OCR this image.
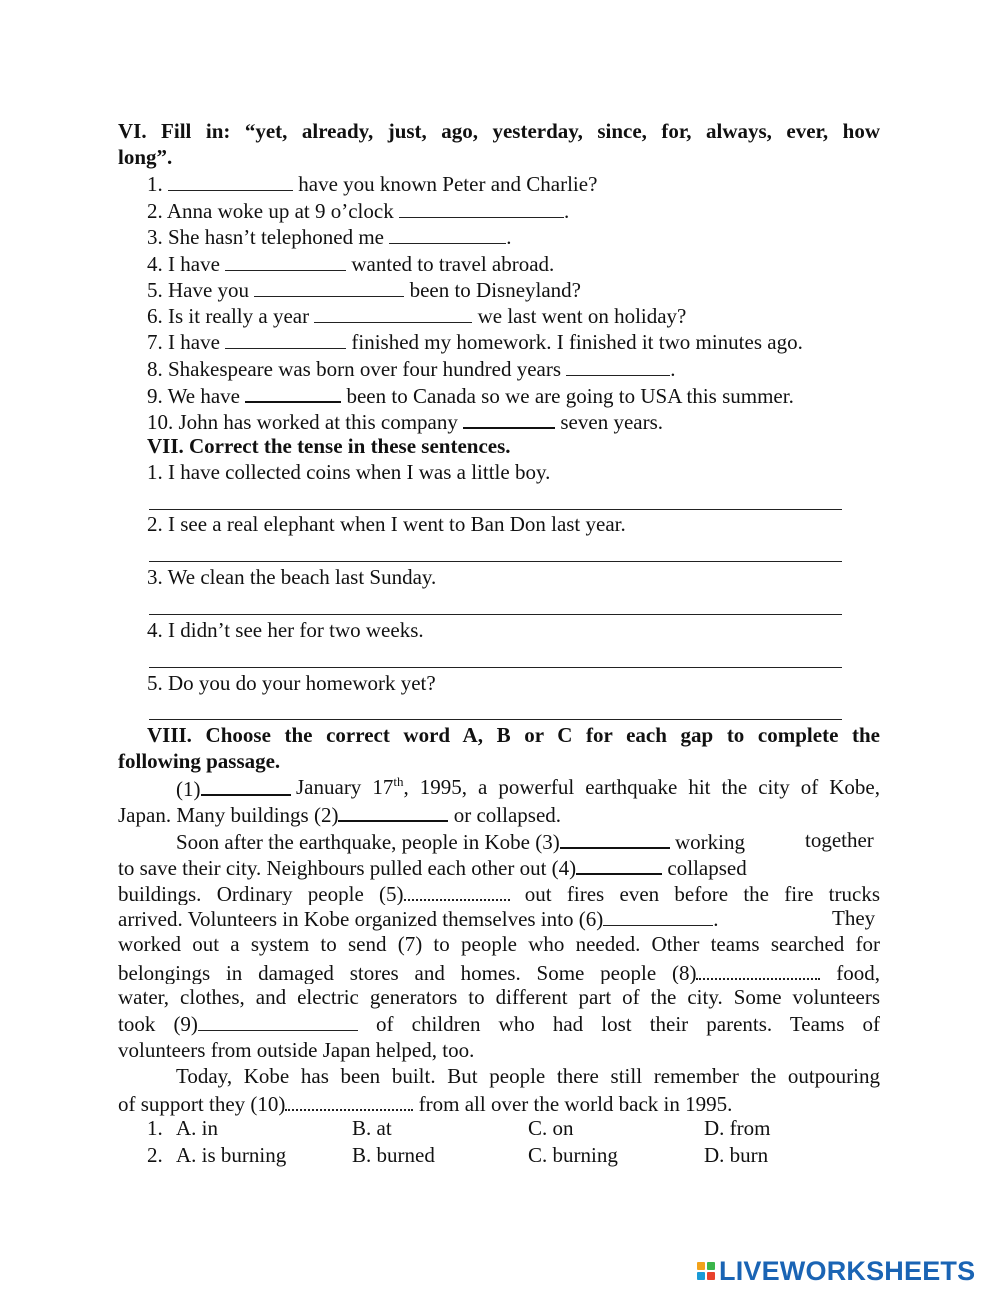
VI. Fill in: “yet, already, just, ago, yesterday, since, for, always, ever, how
long”.
1.	have you known Peter and Charlie?
2. Anna woke up at 9 o’clock	.
3. She hasn’t telephoned me	.
4. I have	wanted to travel abroad.
5. Have you	been to Disneyland?
6. Is it really a year	we last went on holiday?
7. I have	finished my homework. I finished it two minutes ago.
8. Shakespeare was born over four hundred years	.
9. We have	been to Canada so we are going to USA this summer.
10. John has worked at this company	seven years.
VII. Correct the tense in these sentences.
1. I have collected coins when I was a little boy.
2. I see a real elephant when I went to Ban Don last year.
3. We clean the beach last Sunday.
4. I didn’t see her for two weeks.
5. Do you do your homework yet?
VIII. Choose the correct word A, B or C for each gap to complete the
following passage.
(1)	January 17th, 1995, a powerful earthquake hit the city of Kobe,
Japan. Many buildings (2)	or collapsed.
Soon after the earthquake, people in Kobe (3)	working	together
to save their city. Neighbours pulled each other out (4)	collapsed
buildings. Ordinary people (5)	out fires even before the fire trucks
arrived. Volunteers in Kobe organized themselves into (6)	.	They
worked out a system to send (7) to people who needed. Other teams searched for
belongings in damaged stores and homes. Some people (8)	food,
water, clothes, and electric generators to different part of the city. Some volunteers
took (9)	of children who had lost their parents. Teams of
volunteers from outside Japan helped, too.
Today, Kobe has been built. But people there still remember the outpouring
of support they (10)	from all over the world back in 1995.
1. A. in	B. at	C. on	D. from
2. A. is burning	B. burned	C. burning	D. burn
LIVEWORKSHEETS
